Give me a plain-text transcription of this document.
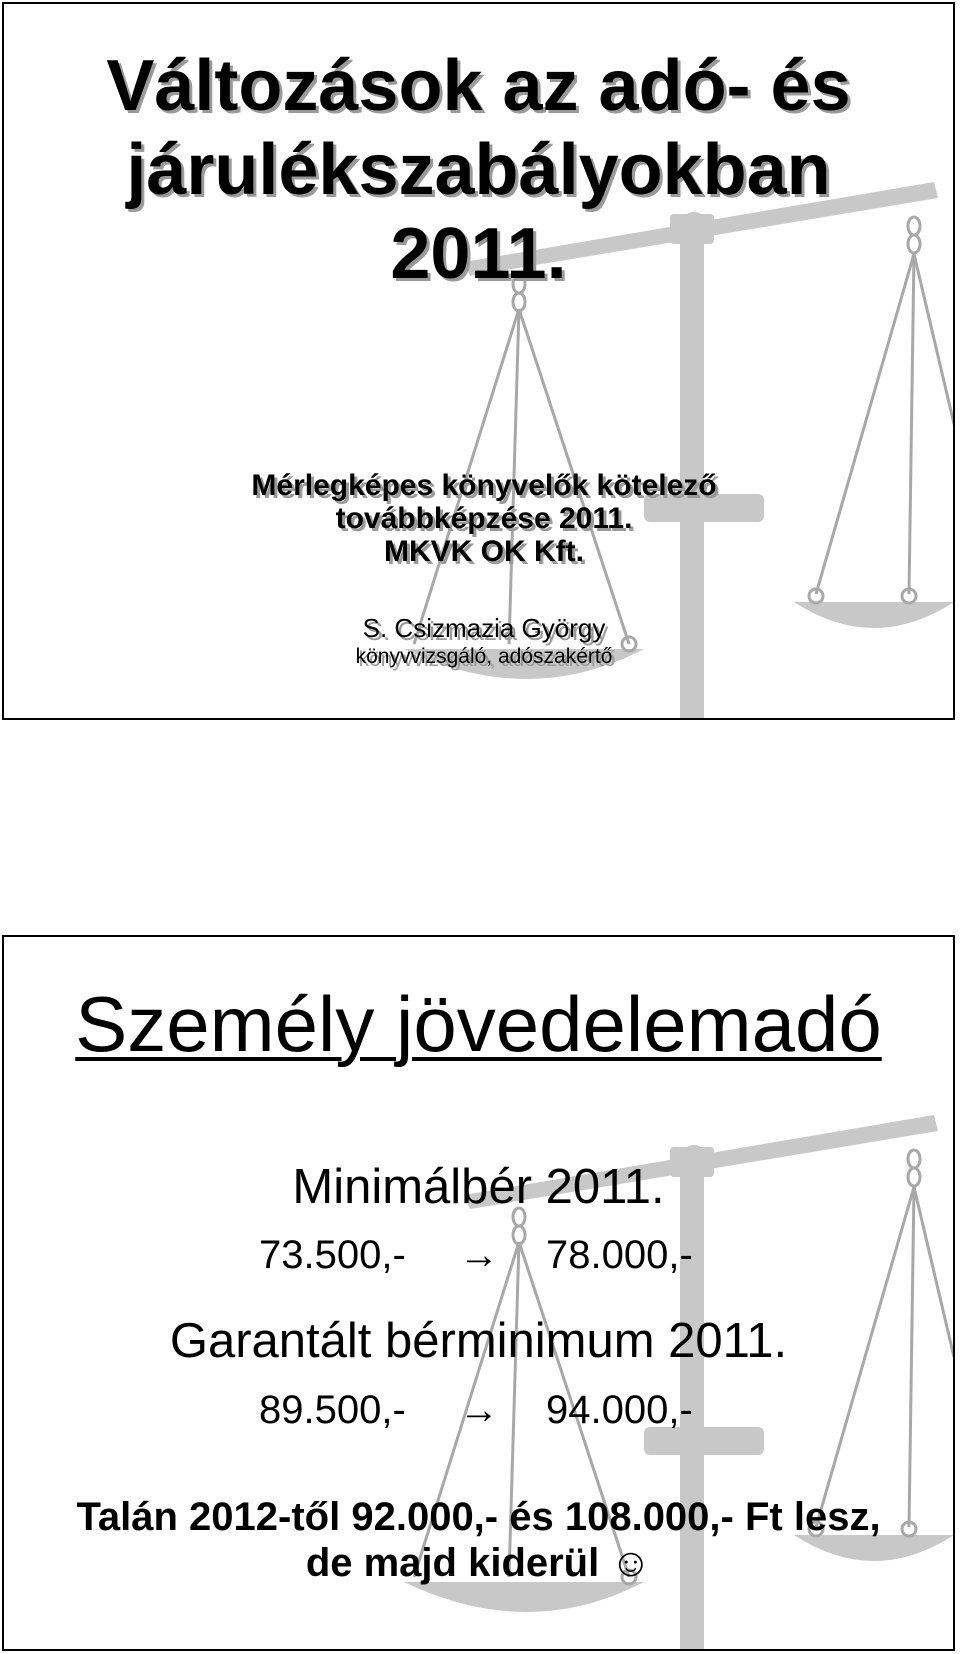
Változások az adó- és
járulékszabályokban
2011.
Mérlegképes könyvelők kötelező
továbbképzése 2011.
MKVK OK Kft.
S. Csizmazia György
könyvvizsgáló, adószakértő
Személy jövedelemadó
Minimálbér 2011.
73.500,- → 78.000,-
Garantált bérminimum 2011.
89.500,- → 94.000,-
Talán 2012-től 92.000,- és 108.000,- Ft lesz,
de majd kiderül ☺
